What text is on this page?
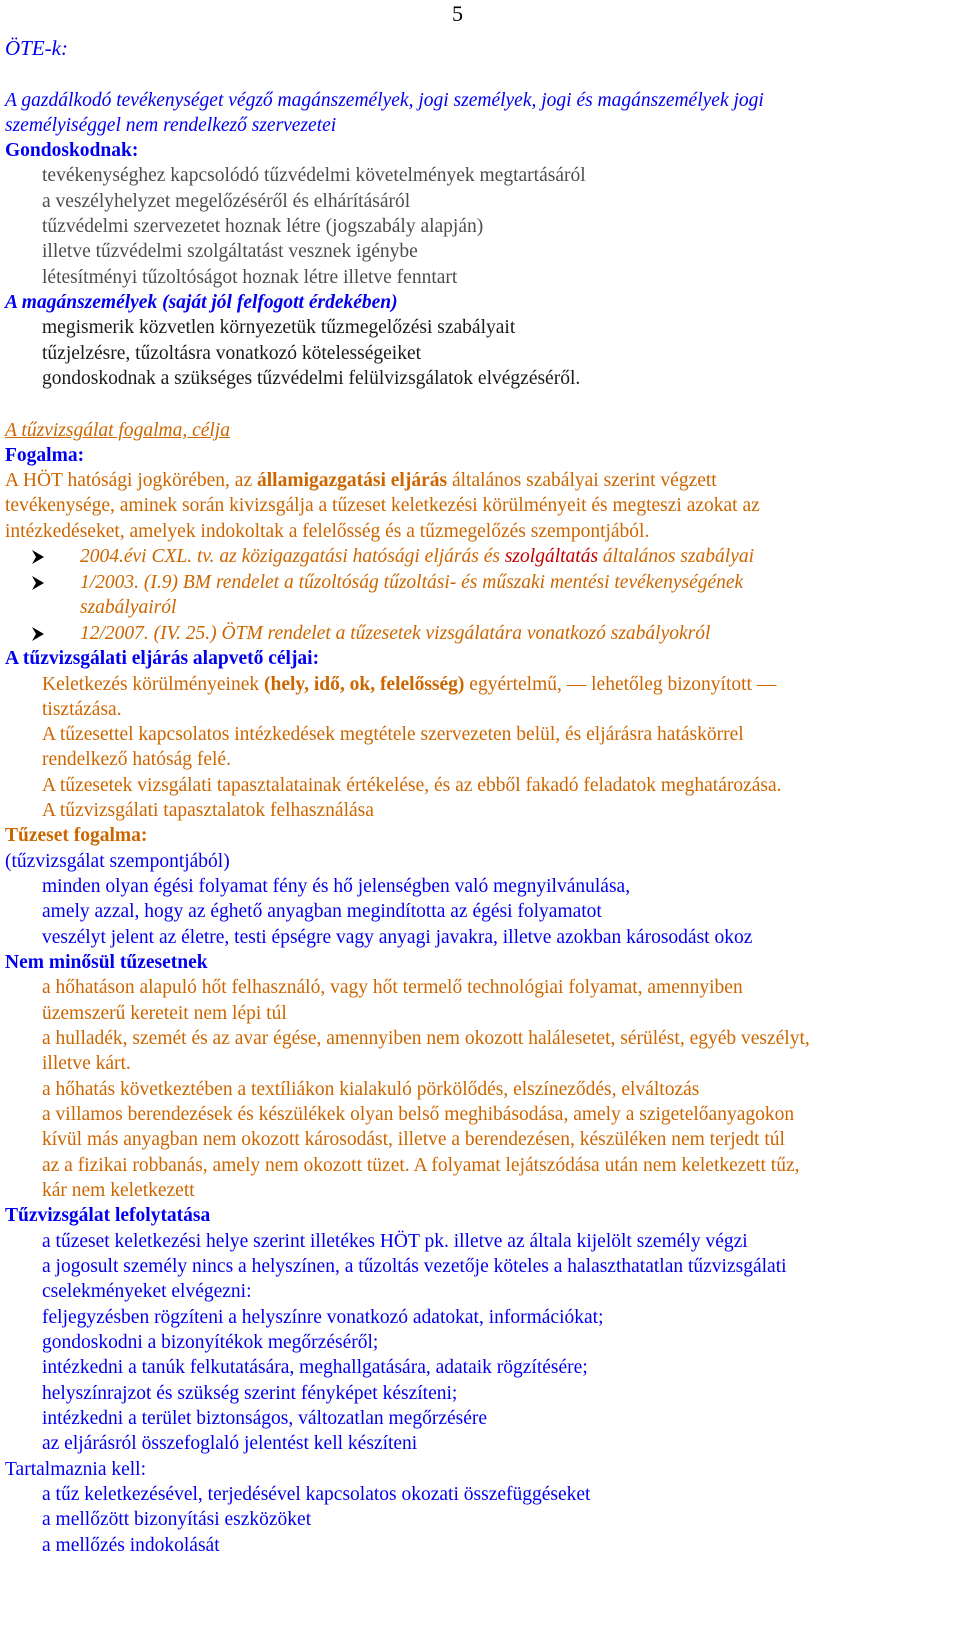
5
ÖTE-k:
A gazdálkodó tevékenységet végző magánszemélyek, jogi személyek, jogi és magánszemélyek jogi
személyiséggel nem rendelkező szervezetei
Gondoskodnak:
tevékenységhez kapcsolódó tűzvédelmi követelmények megtartásáról
a veszélyhelyzet megelőzéséről és elhárításáról
tűzvédelmi szervezetet hoznak létre (jogszabály alapján)
illetve tűzvédelmi szolgáltatást vesznek igénybe
létesítményi tűzoltóságot hoznak létre illetve fenntart
A magánszemélyek (saját jól felfogott érdekében)
megismerik közvetlen környezetük tűzmegelőzési szabályait
tűzjelzésre, tűzoltásra vonatkozó kötelességeiket
gondoskodnak a szükséges tűzvédelmi felülvizsgálatok elvégzéséről.
A tűzvizsgálat fogalma, célja
Fogalma:
A HÖT hatósági jogkörében, az államigazgatási eljárás általános szabályai szerint végzett
tevékenysége, aminek során kivizsgálja a tűzeset keletkezési körülményeit és megteszi azokat az
intézkedéseket, amelyek indokoltak a felelősség és a tűzmegelőzés szempontjából.
2004.évi CXL. tv. az közigazgatási hatósági eljárás és szolgáltatás általános szabályai
1/2003. (I.9) BM rendelet a tűzoltóság tűzoltási- és műszaki mentési tevékenységének
szabályairól
12/2007. (IV. 25.) ÖTM rendelet a tűzesetek vizsgálatára vonatkozó szabályokról
A tűzvizsgálati eljárás alapvető céljai:
Keletkezés körülményeinek (hely, idő, ok, felelősség) egyértelmű, — lehetőleg bizonyított —
tisztázása.
A tűzesettel kapcsolatos intézkedések megtétele szervezeten belül, és eljárásra hatáskörrel
rendelkező hatóság felé.
A tűzesetek vizsgálati tapasztalatainak értékelése, és az ebből fakadó feladatok meghatározása.
A tűzvizsgálati tapasztalatok felhasználása
Tűzeset fogalma:
(tűzvizsgálat szempontjából)
minden olyan égési folyamat fény és hő jelenségben való megnyilvánulása,
amely azzal, hogy az éghető anyagban megindította az égési folyamatot
veszélyt jelent az életre, testi épségre vagy anyagi javakra, illetve azokban károsodást okoz
Nem minősül tűzesetnek
a hőhatáson alapuló hőt felhasználó, vagy hőt termelő technológiai folyamat, amennyiben
üzemszerű kereteit nem lépi túl
a hulladék, szemét és az avar égése, amennyiben nem okozott halálesetet, sérülést, egyéb veszélyt,
illetve kárt.
a hőhatás következtében a textíliákon kialakuló pörkölődés, elszíneződés, elváltozás
a villamos berendezések és készülékek olyan belső meghibásodása, amely a szigetelőanyagokon
kívül más anyagban nem okozott károsodást, illetve a berendezésen, készüléken nem terjedt túl
az a fizikai robbanás, amely nem okozott tüzet. A folyamat lejátszódása után nem keletkezett tűz,
kár nem keletkezett
Tűzvizsgálat lefolytatása
a tűzeset keletkezési helye szerint illetékes HÖT pk. illetve az általa kijelölt személy végzi
a jogosult személy nincs a helyszínen, a tűzoltás vezetője köteles a halaszthatatlan tűzvizsgálati
cselekményeket elvégezni:
feljegyzésben rögzíteni a helyszínre vonatkozó adatokat, információkat;
gondoskodni a bizonyítékok megőrzéséről;
intézkedni a tanúk felkutatására, meghallgatására, adataik rögzítésére;
helyszínrajzot és szükség szerint fényképet készíteni;
intézkedni a terület biztonságos, változatlan megőrzésére
az eljárásról összefoglaló jelentést kell készíteni
Tartalmaznia kell:
a tűz keletkezésével, terjedésével kapcsolatos okozati összefüggéseket
a mellőzött bizonyítási eszközöket
a mellőzés indokolását
